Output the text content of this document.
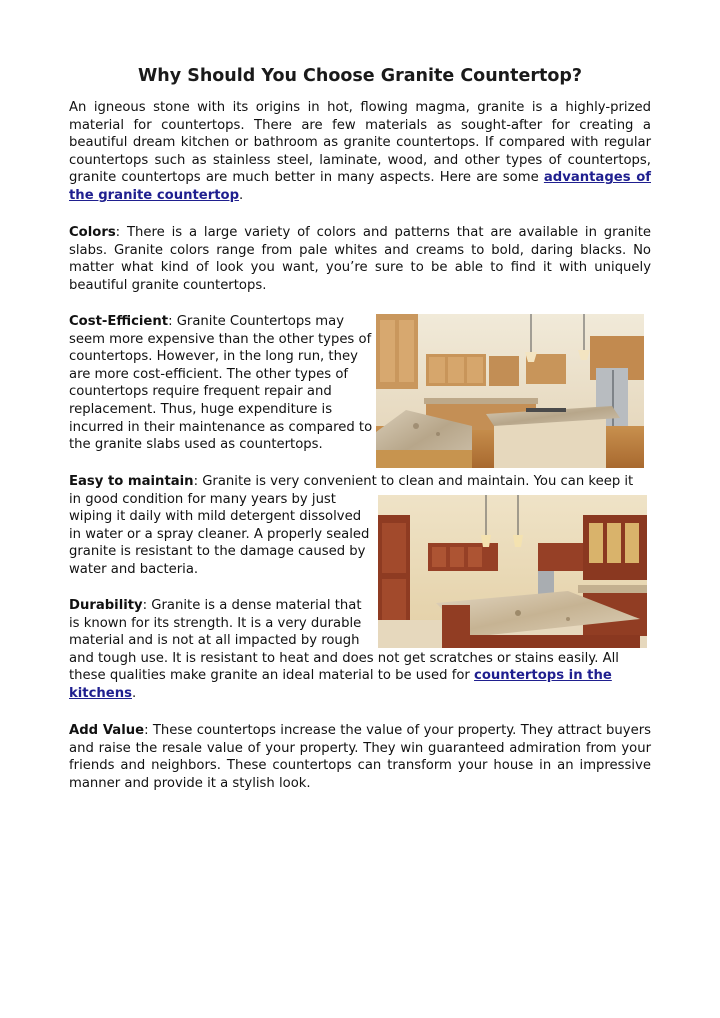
Why Should You Choose Granite Countertop?

An igneous stone with its origins in hot, flowing magma, granite is a highly-prized material for countertops. There are few materials as sought-after for creating a beautiful dream kitchen or bathroom as granite countertops. If compared with regular countertops such as stainless steel, laminate, wood, and other types of countertops, granite countertops are much better in many aspects. Here are some advantages of the granite countertop.

Colors: There is a large variety of colors and patterns that are available in granite slabs. Granite colors range from pale whites and creams to bold, daring blacks. No matter what kind of look you want, you’re sure to be able to find it with uniquely beautiful granite countertops.

Cost-Efficient: Granite Countertops may
seem more expensive than the other types of
countertops. However, in the long run, they
are more cost-efficient. The other types of
countertops require frequent repair and
replacement. Thus, huge expenditure is
incurred in their maintenance as compared to
the granite slabs used as countertops.

Easy to maintain: Granite is very convenient to clean and maintain. You can keep it
in good condition for many years by just
wiping it daily with mild detergent dissolved
in water or a spray cleaner. A properly sealed
granite is resistant to the damage caused by
water and bacteria.

Durability: Granite is a dense material that
is known for its strength. It is a very durable
material and is not at all impacted by rough
and tough use. It is resistant to heat and does not get scratches or stains easily. All
these qualities make granite an ideal material to be used for countertops in the
kitchens.

Add Value: These countertops increase the value of your property. They attract buyers and raise the resale value of your property. They win guaranteed admiration from your friends and neighbors. These countertops can transform your house in an impressive manner and provide it a stylish look.
